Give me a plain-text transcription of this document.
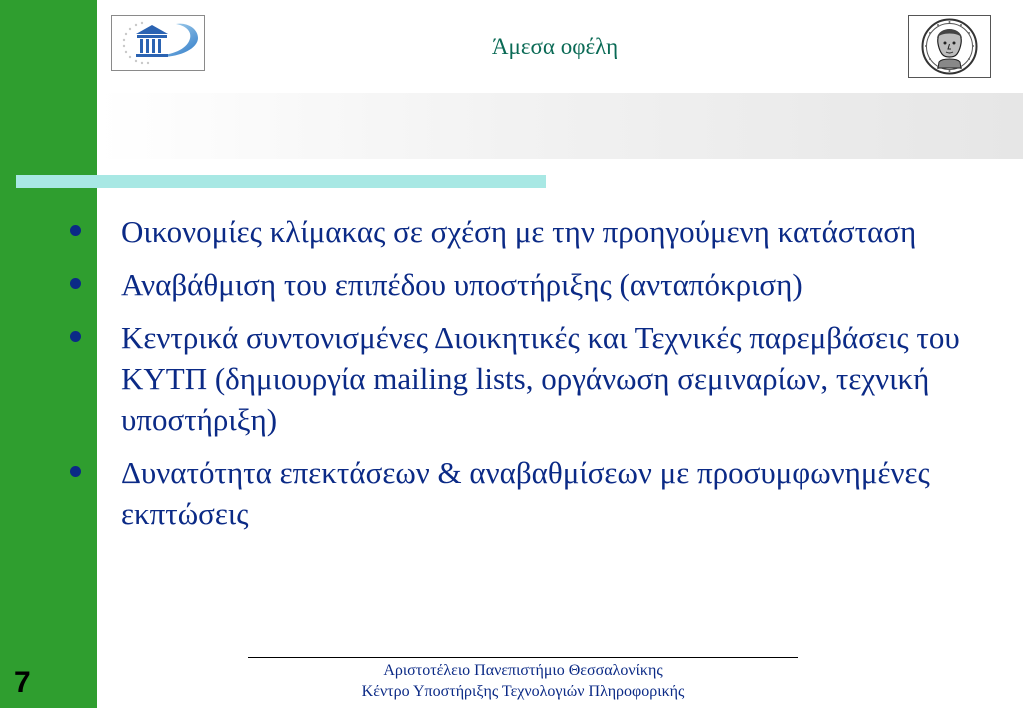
7
Άμεσα οφέλη
Οικονομίες κλίμακας σε σχέση με την προηγούμενη κατάσταση
Αναβάθμιση του επιπέδου υποστήριξης (ανταπόκριση)
Κεντρικά συντονισμένες Διοικητικές και Τεχνικές παρεμβάσεις του ΚΥΤΠ (δημιουργία mailing lists, οργάνωση σεμιναρίων, τεχνική υποστήριξη)
Δυνατότητα επεκτάσεων & αναβαθμίσεων με προσυμφωνημένες εκπτώσεις
Αριστοτέλειο Πανεπιστήμιο Θεσσαλονίκης
Κέντρο Υποστήριξης Τεχνολογιών Πληροφορικής
